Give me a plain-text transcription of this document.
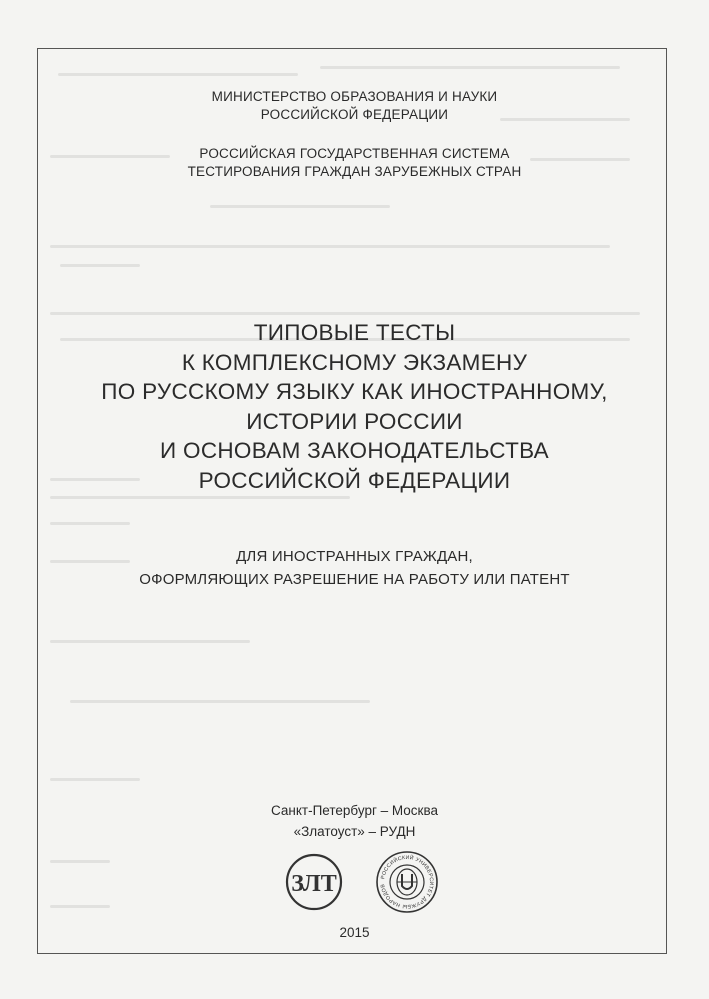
МИНИСТЕРСТВО ОБРАЗОВАНИЯ И НАУКИ
РОССИЙСКОЙ ФЕДЕРАЦИИ
РОССИЙСКАЯ ГОСУДАРСТВЕННАЯ СИСТЕМА
ТЕСТИРОВАНИЯ ГРАЖДАН ЗАРУБЕЖНЫХ СТРАН
ТИПОВЫЕ ТЕСТЫ
К КОМПЛЕКСНОМУ ЭКЗАМЕНУ
ПО РУССКОМУ ЯЗЫКУ КАК ИНОСТРАННОМУ,
ИСТОРИИ РОССИИ
И ОСНОВАМ ЗАКОНОДАТЕЛЬСТВА
РОССИЙСКОЙ ФЕДЕРАЦИИ
ДЛЯ ИНОСТРАННЫХ ГРАЖДАН,
ОФОРМЛЯЮЩИХ РАЗРЕШЕНИЕ НА РАБОТУ ИЛИ ПАТЕНТ
Санкт-Петербург – Москва
«Златоуст» – РУДН
ЗЛТ	РОССИЙСКИЙ УНИВЕРСИТЕТ ДРУЖБЫ НАРОДОВ
2015
